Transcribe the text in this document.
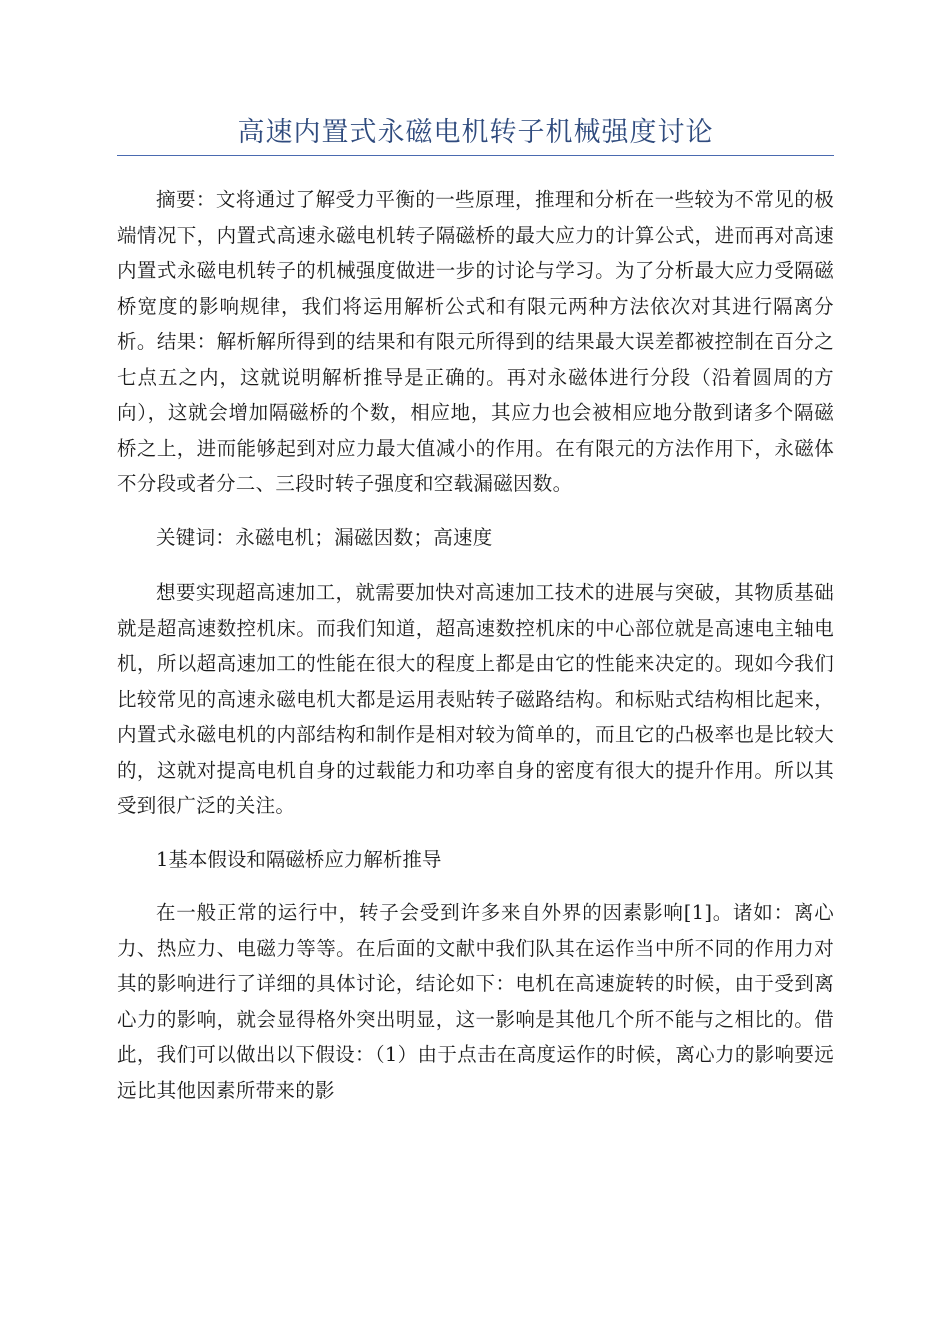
高速内置式永磁电机转子机械强度讨论

摘要：文将通过了解受力平衡的一些原理，推理和分析在一些较为不常见的极端情况下，内置式高速永磁电机转子隔磁桥的最大应力的计算公式，进而再对高速内置式永磁电机转子的机械强度做进一步的讨论与学习。为了分析最大应力受隔磁桥宽度的影响规律，我们将运用解析公式和有限元两种方法依次对其进行隔离分析。结果：解析解所得到的结果和有限元所得到的结果最大误差都被控制在百分之七点五之内，这就说明解析推导是正确的。再对永磁体进行分段（沿着圆周的方向），这就会增加隔磁桥的个数，相应地，其应力也会被相应地分散到诸多个隔磁桥之上，进而能够起到对应力最大值减小的作用。在有限元的方法作用下，永磁体不分段或者分二、三段时转子强度和空载漏磁因数。

关键词：永磁电机；漏磁因数；高速度

想要实现超高速加工，就需要加快对高速加工技术的进展与突破，其物质基础就是超高速数控机床。而我们知道，超高速数控机床的中心部位就是高速电主轴电机，所以超高速加工的性能在很大的程度上都是由它的性能来决定的。现如今我们比较常见的高速永磁电机大都是运用表贴转子磁路结构。和标贴式结构相比起来，内置式永磁电机的内部结构和制作是相对较为简单的，而且它的凸极率也是比较大的，这就对提高电机自身的过载能力和功率自身的密度有很大的提升作用。所以其受到很广泛的关注。

1基本假设和隔磁桥应力解析推导

在一般正常的运行中，转子会受到许多来自外界的因素影响[1]。诸如：离心力、热应力、电磁力等等。在后面的文献中我们队其在运作当中所不同的作用力对其的影响进行了详细的具体讨论，结论如下：电机在高速旋转的时候，由于受到离心力的影响，就会显得格外突出明显，这一影响是其他几个所不能与之相比的。借此，我们可以做出以下假设：（1）由于点击在高度运作的时候，离心力的影响要远远比其他因素所带来的影
